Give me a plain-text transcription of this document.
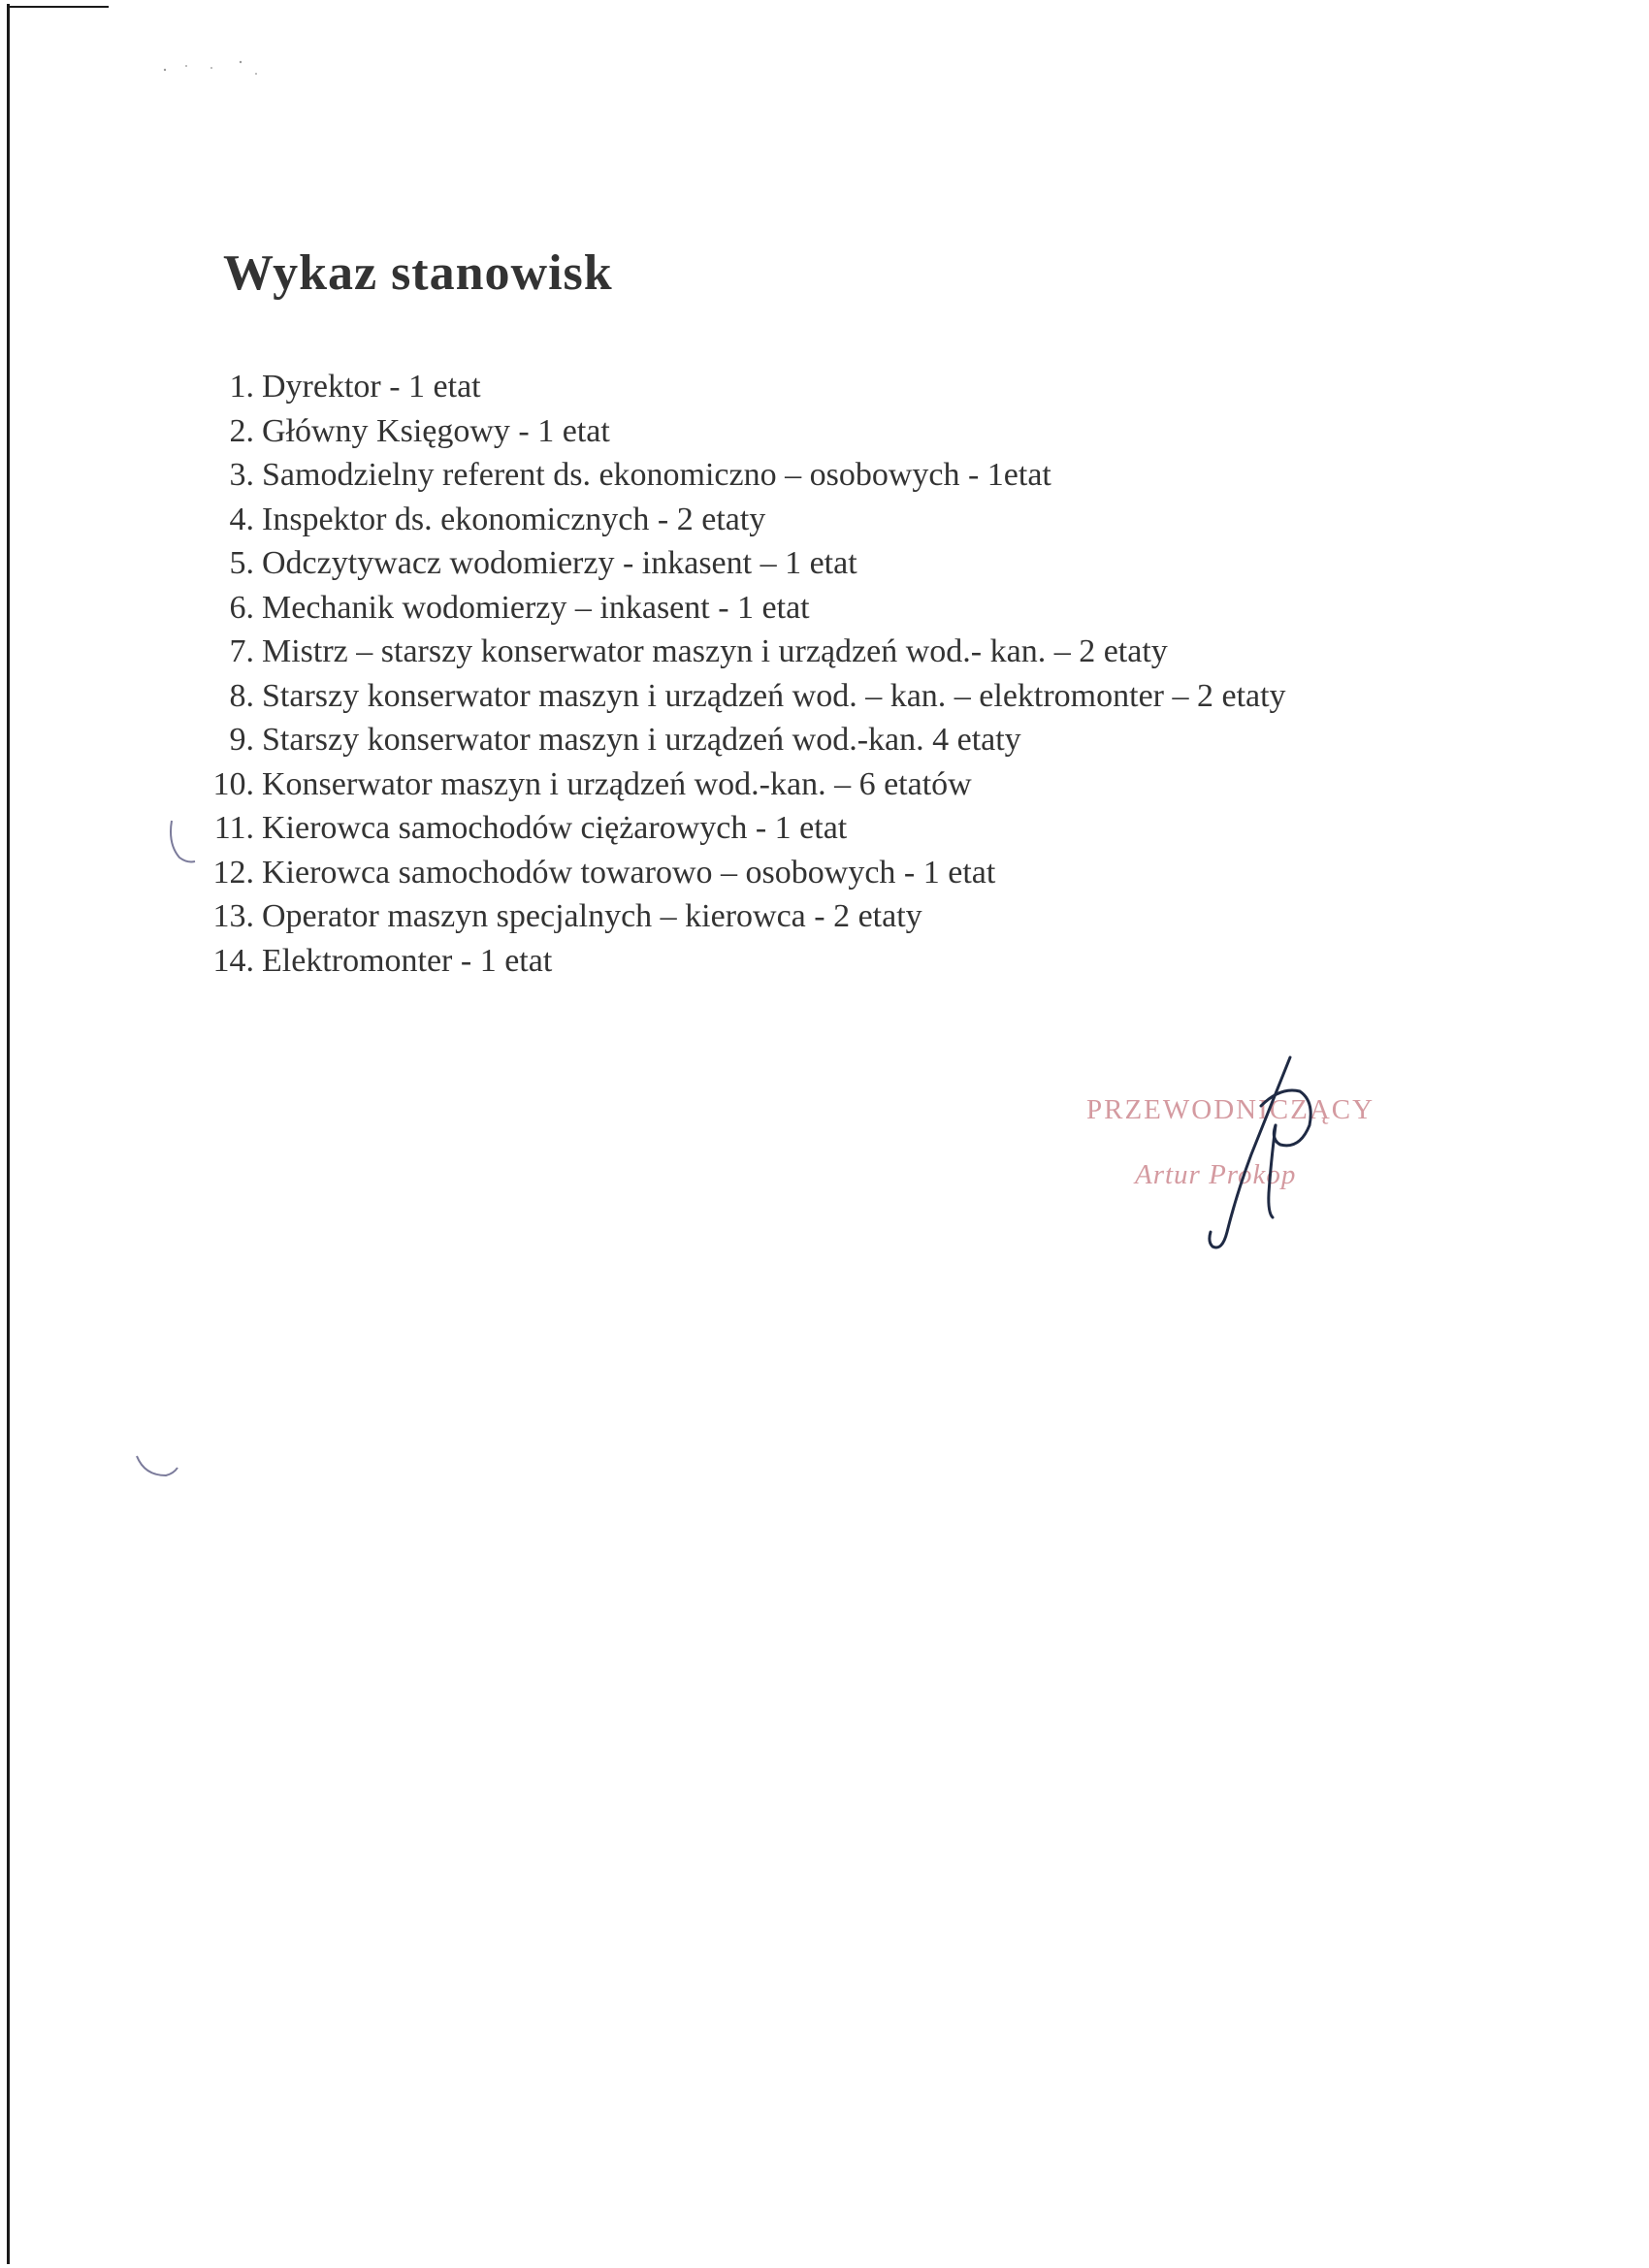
Wykaz stanowisk
1. Dyrektor - 1 etat
2. Główny Księgowy - 1 etat
3. Samodzielny referent ds. ekonomiczno – osobowych - 1etat
4. Inspektor ds. ekonomicznych - 2 etaty
5. Odczytywacz wodomierzy - inkasent – 1 etat
6. Mechanik wodomierzy – inkasent - 1 etat
7. Mistrz – starszy konserwator maszyn i urządzeń wod.- kan. – 2 etaty
8. Starszy konserwator maszyn i urządzeń wod. – kan. – elektromonter – 2 etaty
9. Starszy konserwator maszyn i urządzeń wod.-kan. 4 etaty
10. Konserwator maszyn i urządzeń wod.-kan. – 6 etatów
11. Kierowca samochodów ciężarowych - 1 etat
12. Kierowca samochodów towarowo – osobowych - 1 etat
13. Operator maszyn specjalnych – kierowca - 2 etaty
14. Elektromonter - 1 etat
PRZEWODNICZĄCY
Artur Prokop
